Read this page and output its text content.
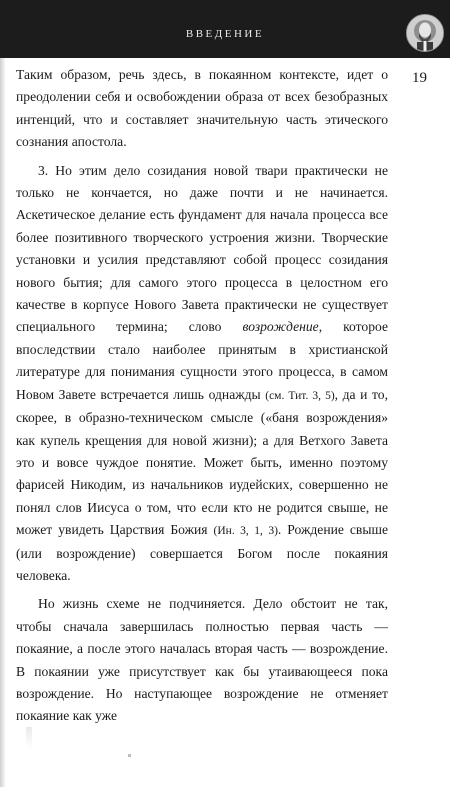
ВВЕДЕНИЕ
19

Таким образом, речь здесь, в покаянном контексте, идет о преодолении себя и освобождении образа от всех безобразных интенций, что и составляет значительную часть этического сознания апостола.

3. Но этим дело созидания новой твари практически не только не кончается, но даже почти и не начинается. Аскетическое делание есть фундамент для начала процесса все более позитивного творческого устроения жизни. Творческие установки и усилия представляют собой процесс созидания нового бытия; для самого этого процесса в целостном его качестве в корпусе Нового Завета практически не существует специального термина; слово возрождение, которое впоследствии стало наиболее принятым в христианской литературе для понимания сущности этого процесса, в самом Новом Завете встречается лишь однажды (см. Тит. 3, 5), да и то, скорее, в образно-техническом смысле («баня возрождения» как купель крещения для новой жизни); а для Ветхого Завета это и вовсе чуждое понятие. Может быть, именно поэтому фарисей Никодим, из начальников иудейских, совершенно не понял слов Иисуса о том, что если кто не родится свыше, не может увидеть Царствия Божия (Ин. 3, 1, 3). Рождение свыше (или возрождение) совершается Богом после покаяния человека.

Но жизнь схеме не подчиняется. Дело обстоит не так, чтобы сначала завершилась полностью первая часть — покаяние, а после этого началась вторая часть — возрождение. В покаянии уже присутствует как бы утаивающееся пока возрождение. Но наступающее возрождение не отменяет покаяние как уже
